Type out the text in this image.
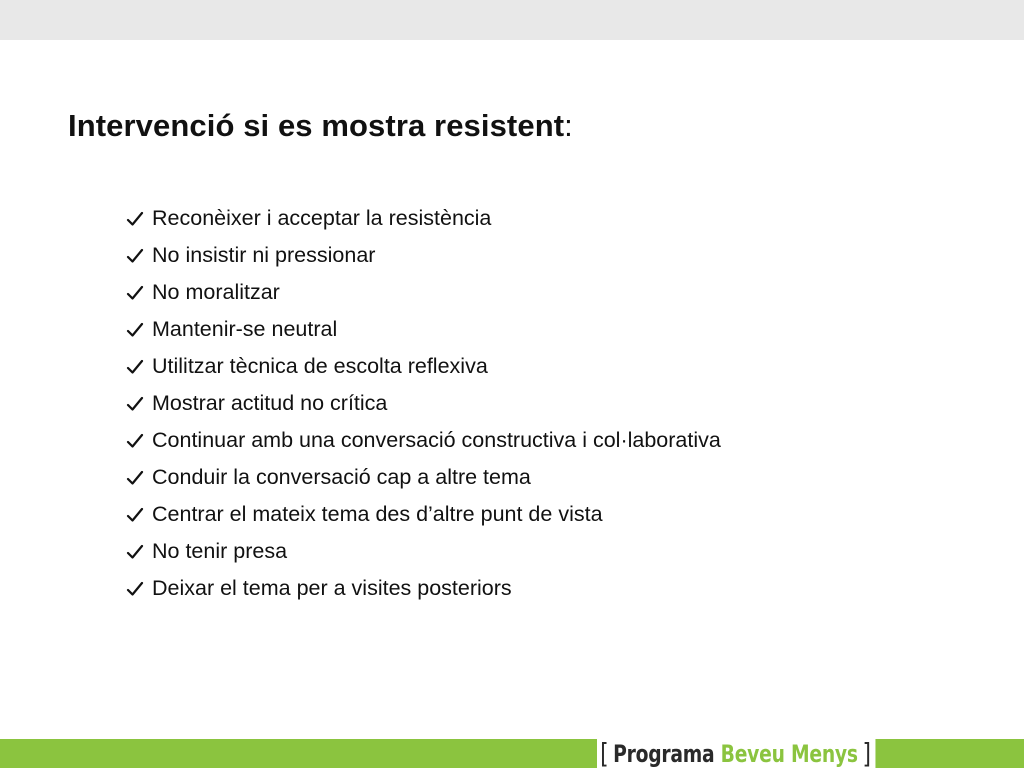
Intervenció si es mostra resistent:
Reconèixer i acceptar la resistència
No insistir ni pressionar
No moralitzar
Mantenir-se neutral
Utilitzar tècnica de escolta reflexiva
Mostrar actitud no crítica
Continuar amb una conversació constructiva i col·laborativa
Conduir la conversació cap a altre tema
Centrar el mateix tema des d’altre punt de vista
No tenir presa
Deixar el tema per a visites posteriors
[ Programa Beveu Menys ]
